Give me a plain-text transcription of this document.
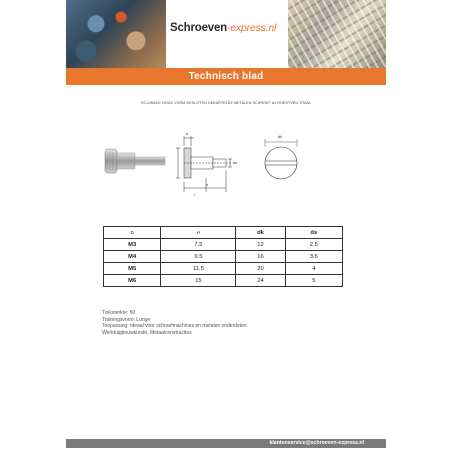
Schroeven-express.nl
Technisch blad
VS-DIN464: HOGE VORM GESLOTEN GEKARTELDE METALEN SCHROEF A1 ROESTVRIJ STAAL
k
l
h
ds
dk
D	H	dk	ds
M3	7.5	12	2.5
M4	9.5	16	3.5
M5	11.5	20	4
M6	15	24	5
Treksterkte: 50
Trainingsvorm: Lunge
Toepassing: Ideaal voor schroefmachines en metalen onderdelen
Werktuigbouwkunde, Metaalconstructies
klantenservice@schroeven-express.nl
